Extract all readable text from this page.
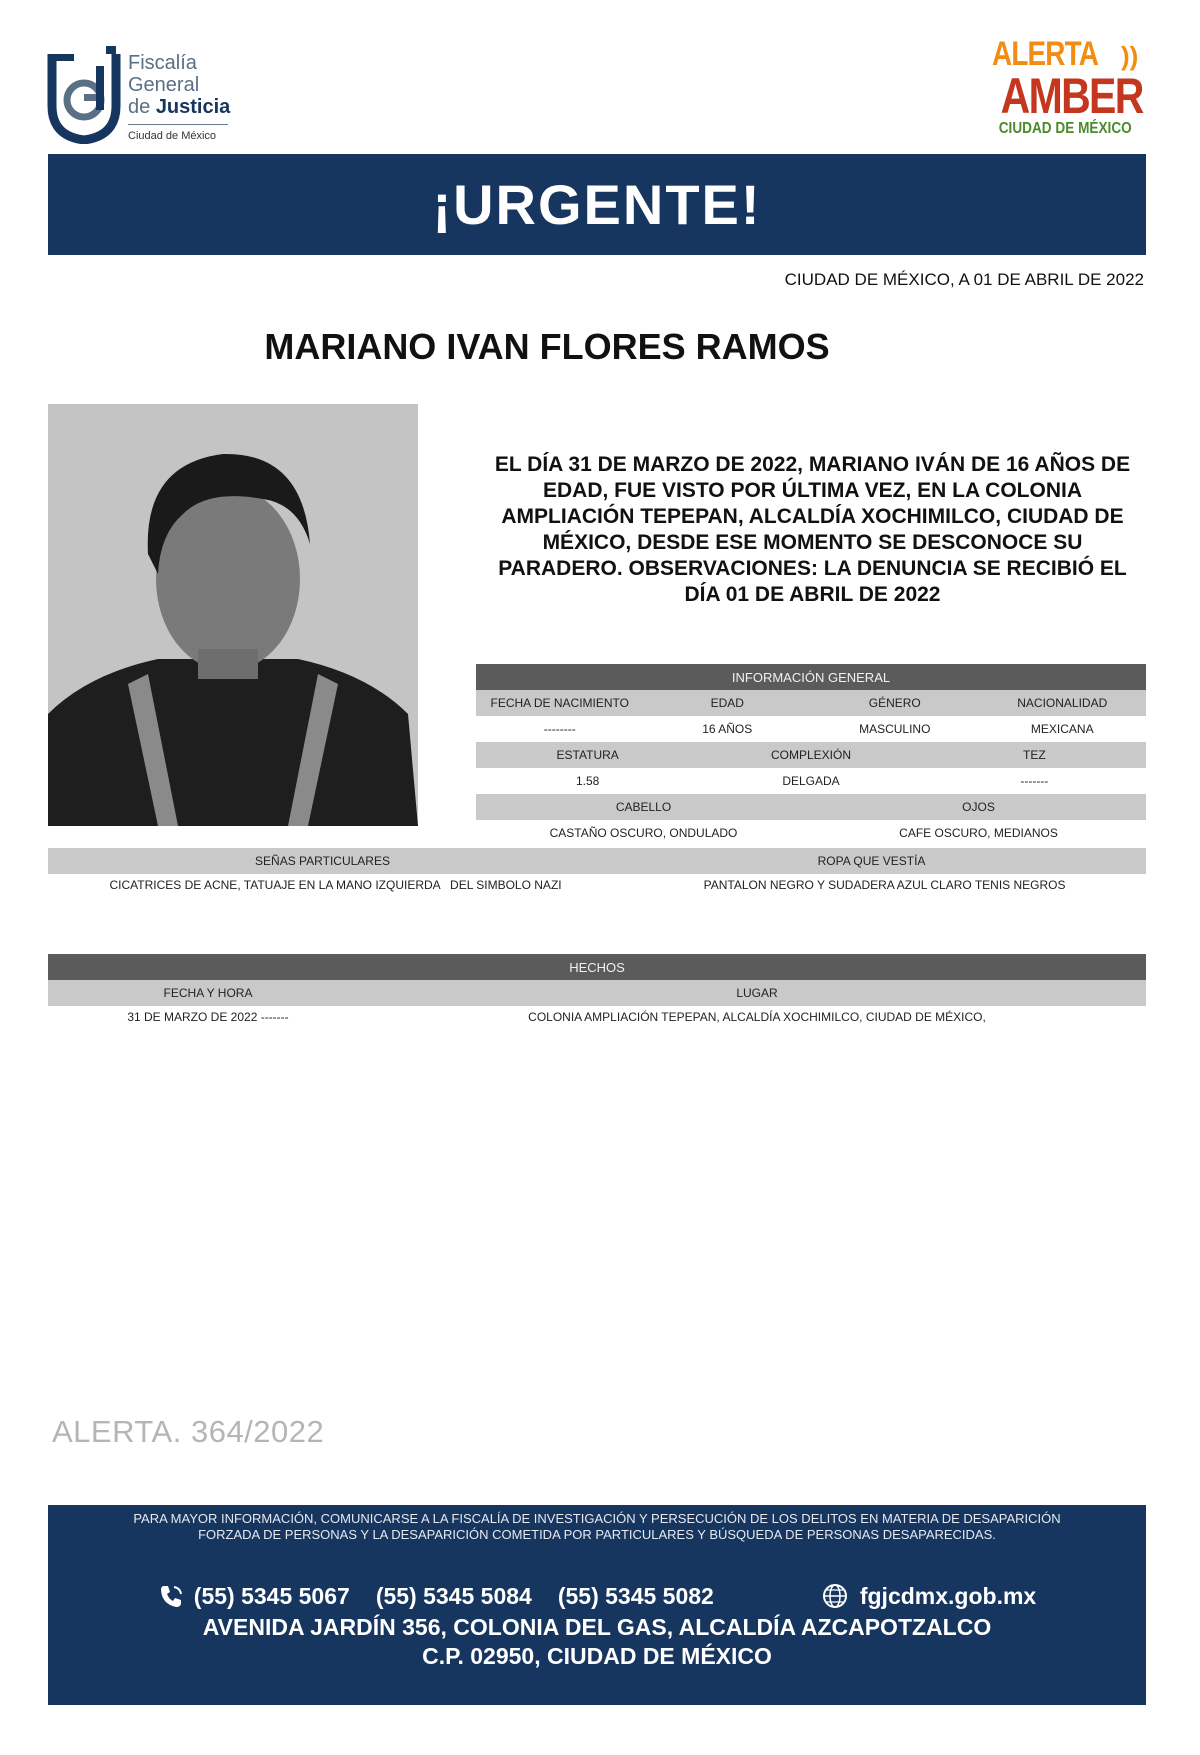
Fiscalía
General
de Justicia
Ciudad de México
ALERTA ))
AMBER
CIUDAD DE MÉXICO
¡URGENTE!
CIUDAD DE MÉXICO, A 01 DE ABRIL DE 2022
MARIANO IVAN FLORES RAMOS
EL DÍA 31 DE MARZO DE 2022, MARIANO IVÁN DE 16 AÑOS DE EDAD, FUE VISTO POR ÚLTIMA VEZ, EN LA COLONIA AMPLIACIÓN TEPEPAN, ALCALDÍA XOCHIMILCO, CIUDAD DE MÉXICO, DESDE ESE MOMENTO SE DESCONOCE SU PARADERO. OBSERVACIONES: LA DENUNCIA SE RECIBIÓ EL DÍA 01 DE ABRIL DE 2022
INFORMACIÓN GENERAL
FECHA DE NACIMIENTO	EDAD	GÉNERO	NACIONALIDAD
--------	16 AÑOS	MASCULINO	MEXICANA
ESTATURA	COMPLEXIÓN	TEZ
1.58	DELGADA	-------
CABELLO	OJOS
CASTAÑO OSCURO, ONDULADO	CAFE OSCURO, MEDIANOS
SEÑAS PARTICULARES	ROPA QUE VESTÍA
CICATRICES DE ACNE, TATUAJE EN LA MANO IZQUIERDA   DEL SIMBOLO NAZI	PANTALON NEGRO Y SUDADERA AZUL CLARO TENIS NEGROS
HECHOS
FECHA Y HORA	LUGAR
31 DE MARZO DE 2022 -------	COLONIA AMPLIACIÓN TEPEPAN, ALCALDÍA XOCHIMILCO, CIUDAD DE MÉXICO,
ALERTA. 364/2022
PARA MAYOR INFORMACIÓN, COMUNICARSE A LA FISCALÍA DE INVESTIGACIÓN Y PERSECUCIÓN DE LOS DELITOS EN MATERIA DE DESAPARICIÓN
FORZADA DE PERSONAS Y LA DESAPARICIÓN COMETIDA POR PARTICULARES Y BÚSQUEDA DE PERSONAS DESAPARECIDAS.
(55) 5345 5067 (55) 5345 5084 (55) 5345 5082	fgjcdmx.gob.mx
AVENIDA JARDÍN 356, COLONIA DEL GAS, ALCALDÍA AZCAPOTZALCO
C.P. 02950, CIUDAD DE MÉXICO
